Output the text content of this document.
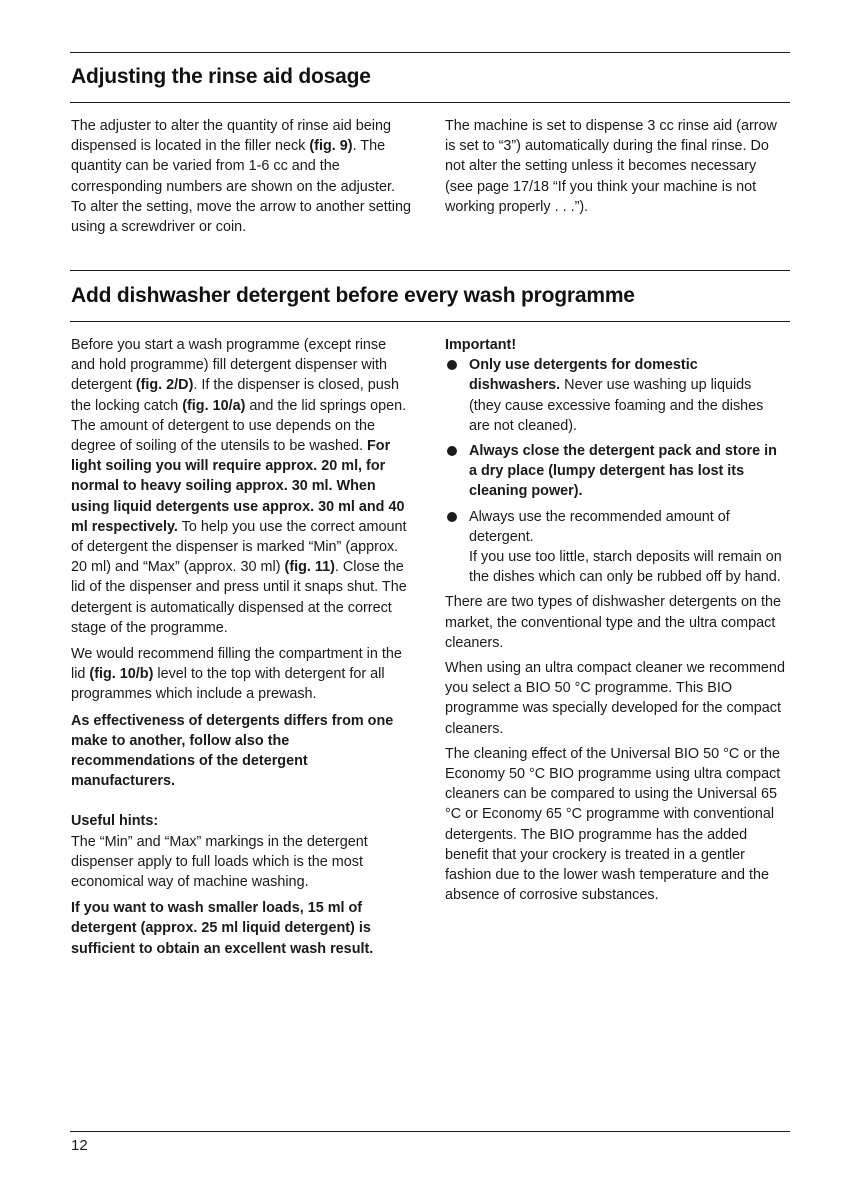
Adjusting the rinse aid dosage

The adjuster to alter the quantity of rinse aid being dispensed is located in the filler neck (fig. 9). The quantity can be varied from 1-6 cc and the corresponding numbers are shown on the adjuster.

To alter the setting, move the arrow to another setting using a screwdriver or coin.

The machine is set to dispense 3 cc rinse aid (arrow is set to “3”) automatically during the final rinse. Do not alter the setting unless it becomes necessary (see page 17/18 “If you think your machine is not working properly . . .”).

Add dishwasher detergent before every wash programme

Before you start a wash programme (except rinse and hold programme) fill detergent dispenser with detergent (fig. 2/D). If the dispenser is closed, push the locking catch (fig. 10/a) and the lid springs open. The amount of detergent to use depends on the degree of soiling of the utensils to be washed. For light soiling you will require approx. 20 ml, for normal to heavy soiling approx. 30 ml. When using liquid detergents use approx. 30 ml and 40 ml respectively. To help you use the correct amount of detergent the dispenser is marked “Min” (approx. 20 ml) and “Max” (approx. 30 ml) (fig. 11). Close the lid of the dispenser and press until it snaps shut. The detergent is automatically dispensed at the correct stage of the programme.

We would recommend filling the compartment in the lid (fig. 10/b) level to the top with detergent for all programmes which include a prewash.

As effectiveness of detergents differs from one make to another, follow also the recommendations of the detergent manufacturers.

Useful hints:

The “Min” and “Max” markings in the detergent dispenser apply to full loads which is the most economical way of machine washing.

If you want to wash smaller loads, 15 ml of detergent (approx. 25 ml liquid detergent) is sufficient to obtain an excellent wash result.

Important!

Only use detergents for domestic dishwashers. Never use washing up liquids (they cause excessive foaming and the dishes are not cleaned).
Always close the detergent pack and store in a dry place (lumpy detergent has lost its cleaning power).
Always use the recommended amount of detergent.
If you use too little, starch deposits will remain on the dishes which can only be rubbed off by hand.

There are two types of dishwasher detergents on the market, the conventional type and the ultra compact cleaners.

When using an ultra compact cleaner we recommend you select a BIO 50 °C programme. This BIO programme was specially developed for the compact cleaners.

The cleaning effect of the Universal BIO 50 °C or the Economy 50 °C BIO programme using ultra compact cleaners can be compared to using the Universal 65 °C or Economy 65 °C programme with conventional detergents. The BIO programme has the added benefit that your crockery is treated in a gentler fashion due to the lower wash temperature and the absence of corrosive substances.

12
